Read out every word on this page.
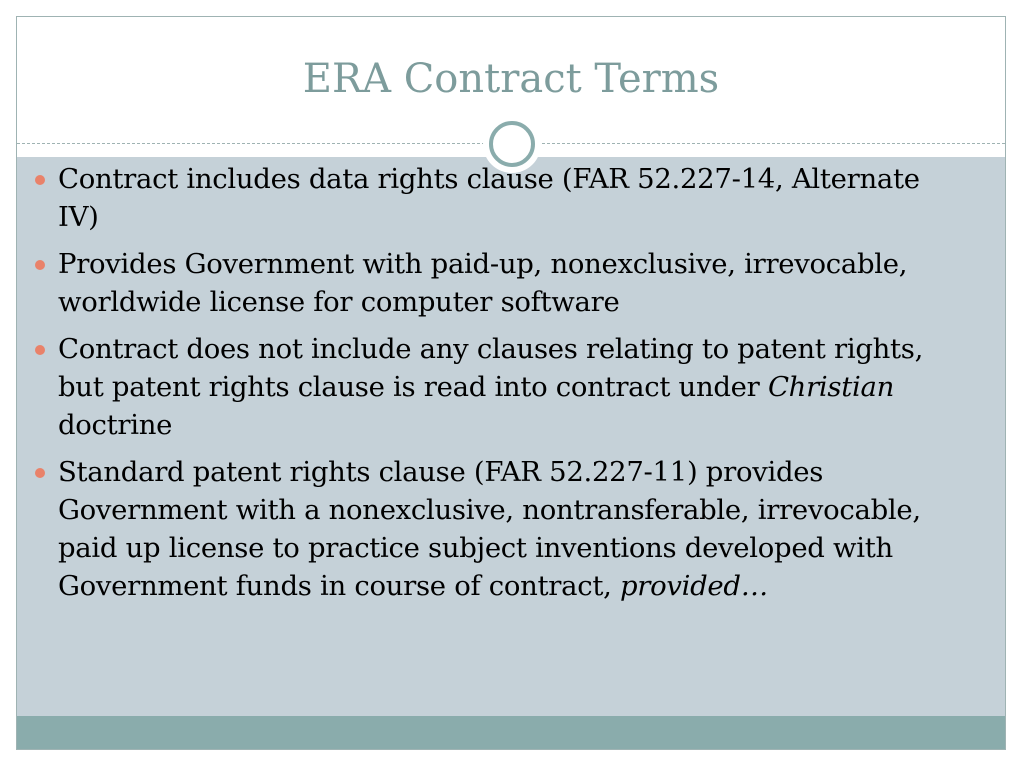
ERA Contract Terms
Contract includes data rights clause (FAR 52.227-14, Alternate IV)
Provides Government with paid-up, nonexclusive, irrevocable, worldwide license for computer software
Contract does not include any clauses relating to patent rights, but patent rights clause is read into contract under Christian doctrine
Standard patent rights clause (FAR 52.227-11) provides Government with a nonexclusive, nontransferable, irrevocable, paid up license to practice subject inventions developed with Government funds in course of contract, provided…
